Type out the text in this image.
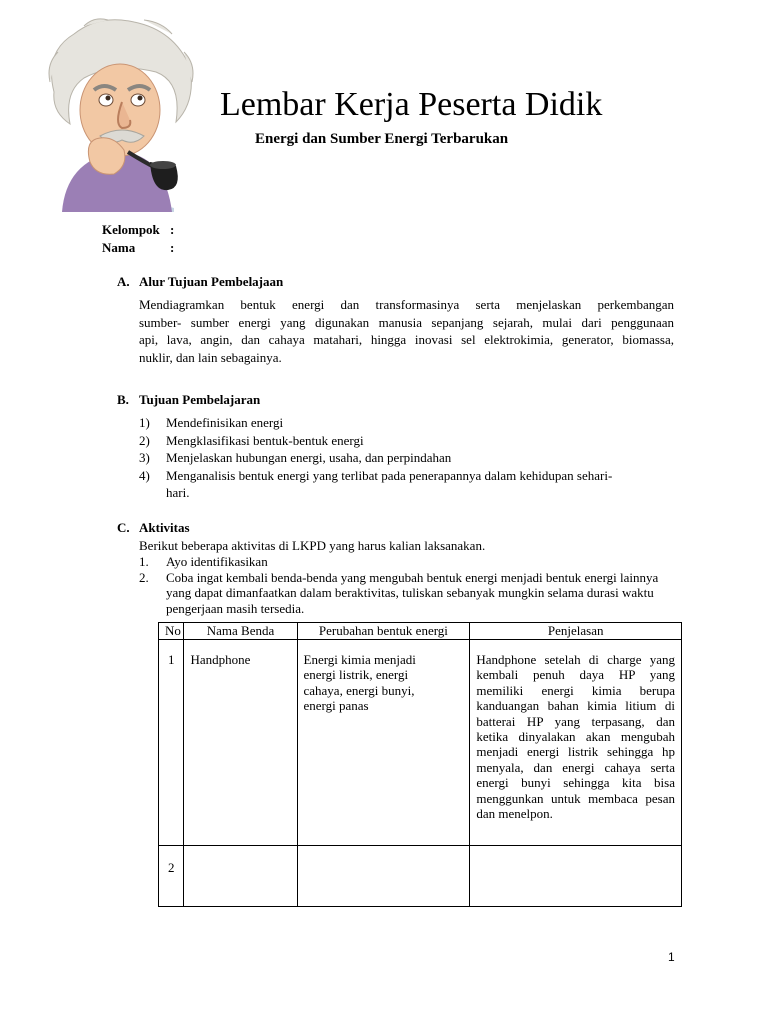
Lembar Kerja Peserta Didik
Energi dan Sumber Energi Terbarukan
Kelompok :
Nama	:
A. Alur Tujuan Pembelajaan
Mendiagramkan bentuk energi dan transformasinya serta menjelaskan perkembangan
sumber- sumber energi yang digunakan manusia sepanjang sejarah, mulai dari penggunaan
api, lava, angin, dan cahaya matahari, hingga inovasi sel elektrokimia, generator, biomassa,
nuklir, dan lain sebagainya.
B. Tujuan Pembelajaran
1) Mendefinisikan energi
2) Mengklasifikasi bentuk-bentuk energi
3) Menjelaskan hubungan energi, usaha, dan perpindahan
4) Menganalisis bentuk energi yang terlibat pada penerapannya dalam kehidupan sehari- hari.
C. Aktivitas
Berikut beberapa aktivitas di LKPD yang harus kalian laksanakan.
1. Ayo identifikasikan
2. Coba ingat kembali benda-benda yang mengubah bentuk energi menjadi bentuk energi lainnya yang dapat dimanfaatkan dalam beraktivitas, tuliskan sebanyak mungkin selama durasi waktu pengerjaan masih tersedia.
No	Nama Benda	Perubahan bentuk energi	Penjelasan

1	Handphone	Energi kimia menjadi energi listrik, energi cahaya, energi bunyi, energi panas	Handphone setelah di charge yang kembali penuh daya HP yang memiliki energi kimia berupa kanduangan bahan kimia litium di batterai HP yang terpasang, dan ketika dinyalakan akan mengubah menjadi energi listrik sehingga hp menyala, dan energi cahaya serta energi bunyi sehingga kita bisa menggunkan untuk membaca pesan dan menelpon.

2			

1
